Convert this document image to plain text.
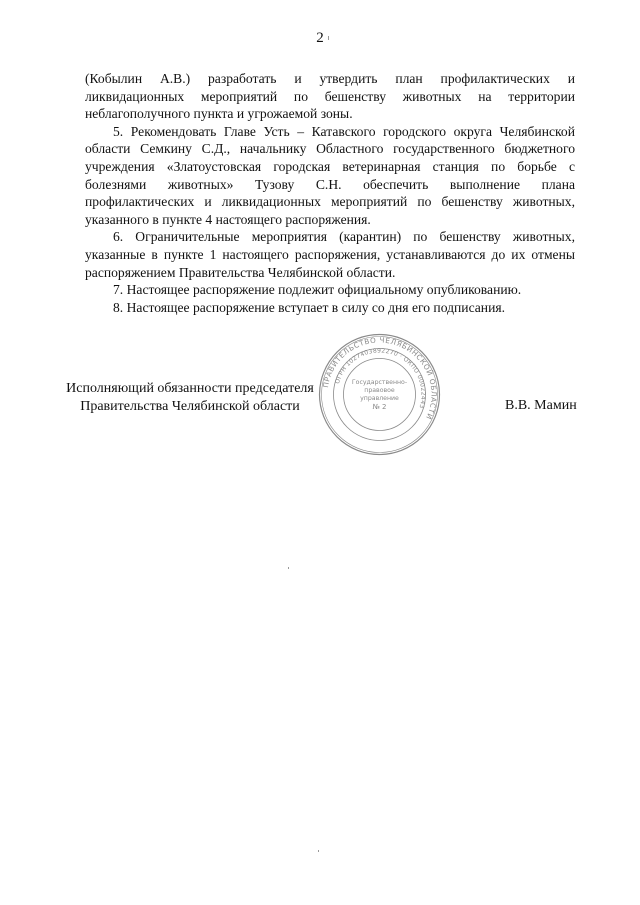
2

(Кобылин А.В.) разработать и утвердить план профилактических и ликвидационных мероприятий по бешенству животных на территории неблагополучного пункта и угрожаемой зоны.

5. Рекомендовать Главе Усть – Катавского городского округа Челябинской области Семкину С.Д., начальнику Областного государственного бюджетного учреждения «Златоустовская городская ветеринарная станция по борьбе с болезнями животных» Тузову С.Н. обеспечить выполнение плана профилактических и ликвидационных мероприятий по бешенству животных, указанного в пункте 4 настоящего распоряжения.

6. Ограничительные мероприятия (карантин) по бешенству животных, указанные в пункте 1 настоящего распоряжения, устанавливаются до их отмены распоряжением Правительства Челябинской области.

7. Настоящее распоряжение подлежит официальному опубликованию.

8. Настоящее распоряжение вступает в силу со дня его подписания.

Исполняющий обязанности председателя
Правительства Челябинской области	В.В. Мамин
ПРАВИТЕЛЬСТВО ЧЕЛЯБИНСКОЙ ОБЛАСТИ
ОГРН 1027403892270 · ОКПО 00022443
Государственно-
правовое
управление
№ 2
